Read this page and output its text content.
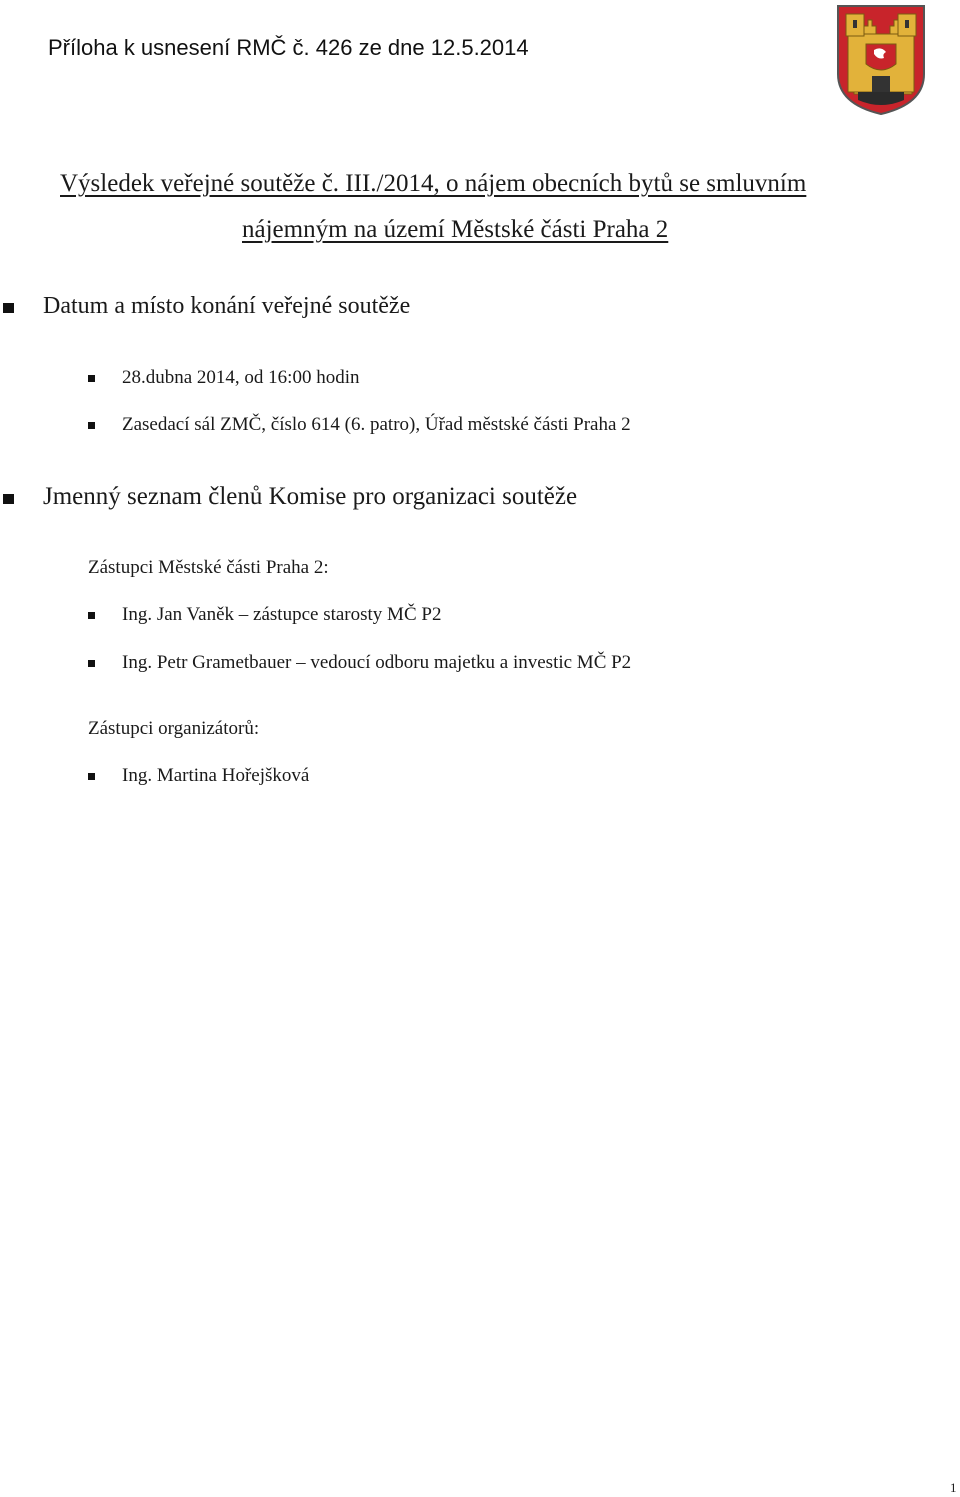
Příloha k usnesení RMČ č. 426 ze dne 12.5.2014
Výsledek veřejné soutěže č. III./2014, o nájem obecních bytů se smluvním
nájemným na území Městské části Praha 2
Datum a místo konání veřejné soutěže
28.dubna 2014, od 16:00 hodin
Zasedací sál ZMČ, číslo 614 (6. patro), Úřad městské části Praha 2
Jmenný seznam členů Komise pro organizaci soutěže
Zástupci Městské části Praha 2:
Ing. Jan Vaněk – zástupce starosty MČ P2
Ing. Petr Grametbauer – vedoucí odboru majetku a investic MČ P2
Zástupci organizátorů:
Ing. Martina Hořejšková
1
